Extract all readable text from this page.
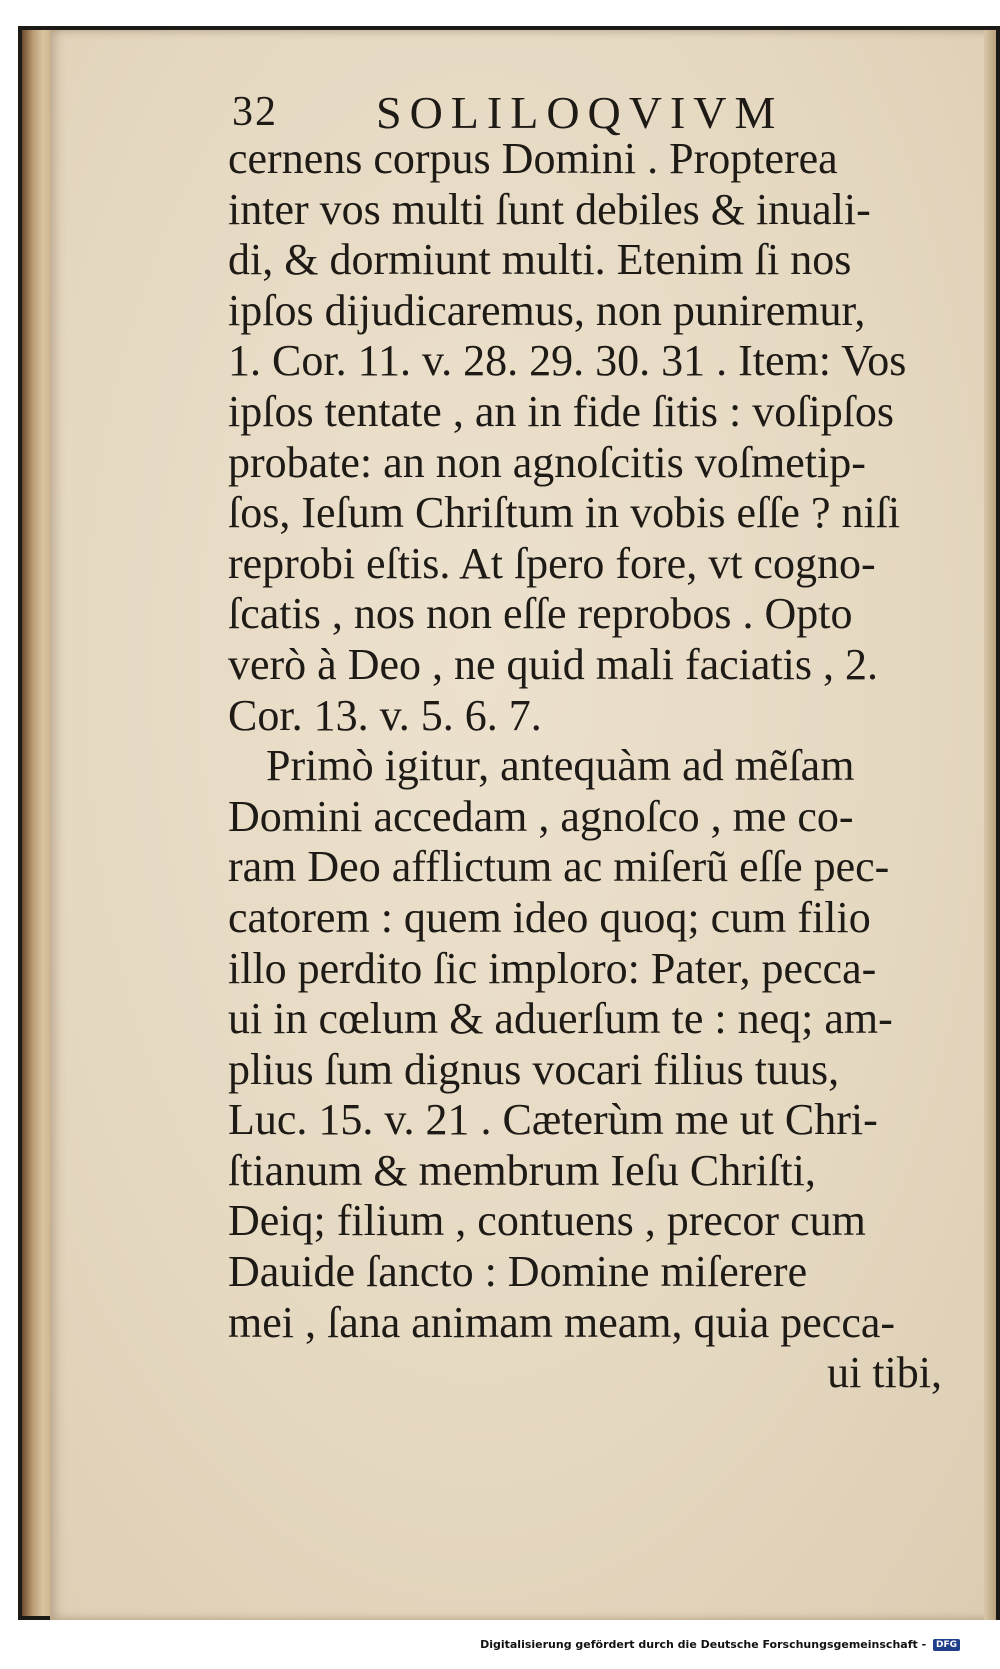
32 SOLILOQVIVM
cernens corpus Domini . Propterea
inter vos multi ſunt debiles & inuali-
di, & dormiunt multi. Etenim ſi nos
ipſos dijudicaremus, non puniremur,
1. Cor. 11. v. 28. 29. 30. 31 . Item: Vos
ipſos tentate , an in fide ſitis : voſipſos
probate: an non agnoſcitis voſmetip-
ſos, Ieſum Chriſtum in vobis eſſe ? niſi
reprobi eſtis. At ſpero fore, vt cogno-
ſcatis , nos non eſſe reprobos . Opto
verò à Deo , ne quid mali faciatis , 2.
Cor. 13. v. 5. 6. 7.
Primò igitur, antequàm ad mẽſam
Domini accedam , agnoſco , me co-
ram Deo afflictum ac miſerũ eſſe pec-
catorem : quem ideo quoq; cum filio
illo perdito ſic imploro: Pater, pecca-
ui in cœlum & aduerſum te : neq; am-
plius ſum dignus vocari filius tuus,
Luc. 15. v. 21 . Cæterùm me ut Chri-
ſtianum & membrum Ieſu Chriſti,
Deiq; filium , contuens , precor cum
Dauide ſancto : Domine miſerere
mei , ſana animam meam, quia pecca-
ui tibi,
Digitalisierung gefördert durch die Deutsche Forschungsgemeinschaft - DFG
